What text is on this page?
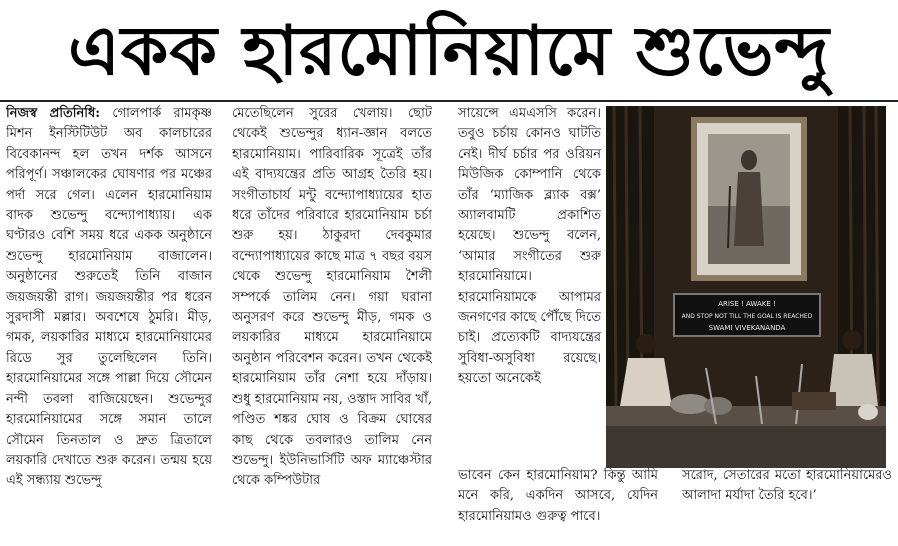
একক হারমোনিয়ামে শুভেন্দু

নিজস্ব প্রতিনিধি: গোলপার্ক রামকৃষ্ণ মিশন ইনস্টিটিউট অব কালচারের বিবেকানন্দ হল তখন দর্শক আসনে পরিপূর্ণ। সঞ্চালকের ঘোষণার পর মঞ্চের পর্দা সরে গেল। এলেন হারমোনিয়াম বাদক শুভেন্দু বন্দ্যোপাধ্যায়। এক ঘণ্টারও বেশি সময় ধরে একক অনুষ্ঠানে শুভেন্দু হারমোনিয়াম বাজালেন। অনুষ্ঠানের শুরুতেই তিনি বাজান জয়জয়ন্তী রাগ। জয়জয়ন্তীর পর ধরেন সুরদাসী মল্লার। অবশেষে ঠুমরি। মীড়, গমক, লয়কারির মাধ্যমে হারমোনিয়ামের রিডে সুর তুলেছিলেন তিনি। হারমোনিয়ামের সঙ্গে পাল্লা দিয়ে সৌমেন নন্দী তবলা বাজিয়েছেন। শুভেন্দুর হারমোনিয়ামের সঙ্গে সমান তালে সৌমেন তিনতাল ও দ্রুত ত্রিতালে লয়কারি দেখাতে শুরু করেন। তন্ময় হয়ে এই সন্ধ্যায় শুভেন্দু

মেতেছিলেন সুরের খেলায়। ছোট থেকেই শুভেন্দুর ধ্যান-জ্ঞান বলতে হারমোনিয়াম। পারিবারিক সূত্রেই তাঁর এই বাদ্যযন্ত্রের প্রতি আগ্রহ তৈরি হয়। সংগীতাচার্য মন্টু বন্দ্যোপাধ্যায়ের হাত ধরে তাঁদের পরিবারে হারমোনিয়াম চর্চা শুরু হয়। ঠাকুরদা দেবকুমার বন্দ্যোপাধ্যায়ের কাছে মাত্র ৭ বছর বয়স থেকে শুভেন্দু হারমোনিয়াম শৈলী সম্পর্কে তালিম নেন। গয়া ঘরানা অনুসরণ করে শুভেন্দু মীড়, গমক ও লয়কারির মাধ্যমে হারমোনিয়ামে অনুষ্ঠান পরিবেশন করেন। তখন থেকেই হারমোনিয়াম তাঁর নেশা হয়ে দাঁড়ায়। শুধু হারমোনিয়াম নয়, ওস্তাদ সাবির খাঁ, পণ্ডিত শঙ্কর ঘোষ ও বিক্রম ঘোষের কাছ থেকে তবলারও তালিম নেন শুভেন্দু। ইউনিভার্সিটি অফ ম্যাঞ্চেস্টার থেকে কম্পিউটার

সায়েন্সে এমএসসি করেন। তবুও চর্চায় কোনও ঘাটতি নেই। দীর্ঘ চর্চার পর ওরিয়ন মিউজিক কোম্পানি থেকে তাঁর ‘ম্যাজিক ব্ল্যাক বক্স’ অ্যালবামটি প্রকাশিত হয়েছে। শুভেন্দু বলেন, ‘আমার সংগীতের শুরু হারমোনিয়ামে। হারমোনিয়ামকে আপামর জনগণের কাছে পৌঁছে দিতে চাই। প্রত্যেকটি বাদ্যযন্ত্রের সুবিধা-অসুবিধা রয়েছে। হয়তো অনেকেই

ভাবেন কেন হারমোনিয়াম? কিন্তু আমি মনে করি, একদিন আসবে, যেদিন হারমোনিয়ামও গুরুত্ব পাবে।

সরোদ, সেতারের মতো হারমোনিয়ামেরও আলাদা মর্যাদা তৈরি হবে।’

ARISE ! AWAKE !
AND STOP NOT TILL THE GOAL IS REACHED
SWAMI VIVEKANANDA
